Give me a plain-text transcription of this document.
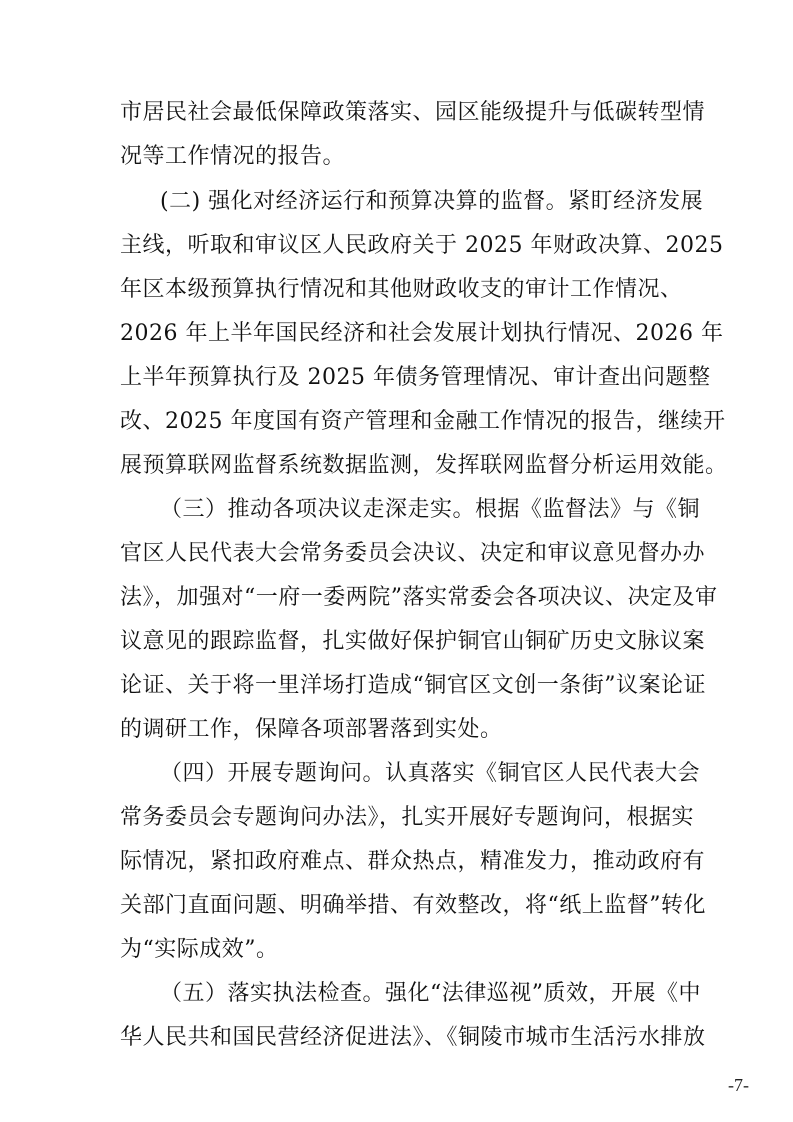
市居民社会最低保障政策落实、园区能级提升与低碳转型情
况等工作情况的报告。
(二) 强化对经济运行和预算决算的监督。紧盯经济发展
主线，听取和审议区人民政府关于 2025 年财政决算、2025
年区本级预算执行情况和其他财政收支的审计工作情况、
2026 年上半年国民经济和社会发展计划执行情况、2026 年
上半年预算执行及 2025 年债务管理情况、审计查出问题整
改、2025 年度国有资产管理和金融工作情况的报告，继续开
展预算联网监督系统数据监测，发挥联网监督分析运用效能。
（三）推动各项决议走深走实。根据《监督法》与《铜
官区人民代表大会常务委员会决议、决定和审议意见督办办
法》，加强对“一府一委两院”落实常委会各项决议、决定及审
议意见的跟踪监督，扎实做好保护铜官山铜矿历史文脉议案
论证、关于将一里洋场打造成“铜官区文创一条街”议案论证
的调研工作，保障各项部署落到实处。
（四）开展专题询问。认真落实《铜官区人民代表大会
常务委员会专题询问办法》，扎实开展好专题询问，根据实
际情况，紧扣政府难点、群众热点，精准发力，推动政府有
关部门直面问题、明确举措、有效整改，将“纸上监督”转化
为“实际成效”。
（五）落实执法检查。强化“法律巡视”质效，开展《中
华人民共和国民营经济促进法》、《铜陵市城市生活污水排放
-7-
